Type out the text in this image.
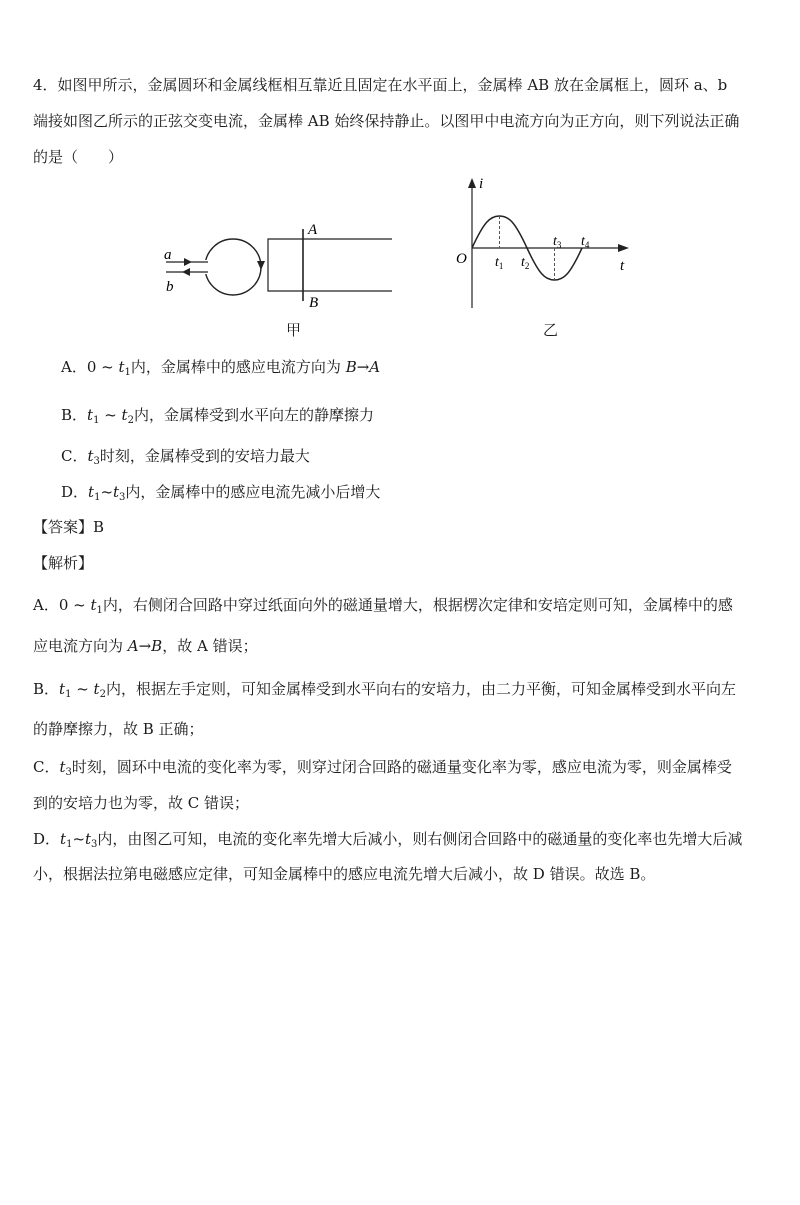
4．如图甲所示，金属圆环和金属线框相互靠近且固定在水平面上，金属棒 AB 放在金属框上，圆环 a、b
端接如图乙所示的正弦交变电流，金属棒 AB 始终保持静止。以图甲中电流方向为正方向，则下列说法正确
的是（　　）
a
b
A
B
甲
i
t
O $t_1$ $t_2$
$t_3$ $t_4$
乙
A．0 ~ $t_1$内，金属棒中的感应电流方向为 B→A
B．$t_1$ ~ $t_2$内，金属棒受到水平向左的静摩擦力
C．$t_3$时刻，金属棒受到的安培力最大
D．$t_1\sim t_3$内，金属棒中的感应电流先减小后增大
【答案】B
【解析】
A．0 ~ $t_1$内，右侧闭合回路中穿过纸面向外的磁通量增大，根据楞次定律和安培定则可知，金属棒中的感
应电流方向为 A→B，故 A 错误；
B．$t_1$ ~ $t_2$内，根据左手定则，可知金属棒受到水平向右的安培力，由二力平衡，可知金属棒受到水平向左
的静摩擦力，故 B 正确；
C．$t_3$时刻，圆环中电流的变化率为零，则穿过闭合回路的磁通量变化率为零，感应电流为零，则金属棒受
到的安培力也为零，故 C 错误；
D．$t_1\sim t_3$内，由图乙可知，电流的变化率先增大后减小，则右侧闭合回路中的磁通量的变化率也先增大后减
小，根据法拉第电磁感应定律，可知金属棒中的感应电流先增大后减小，故 D 错误。故选 B。
